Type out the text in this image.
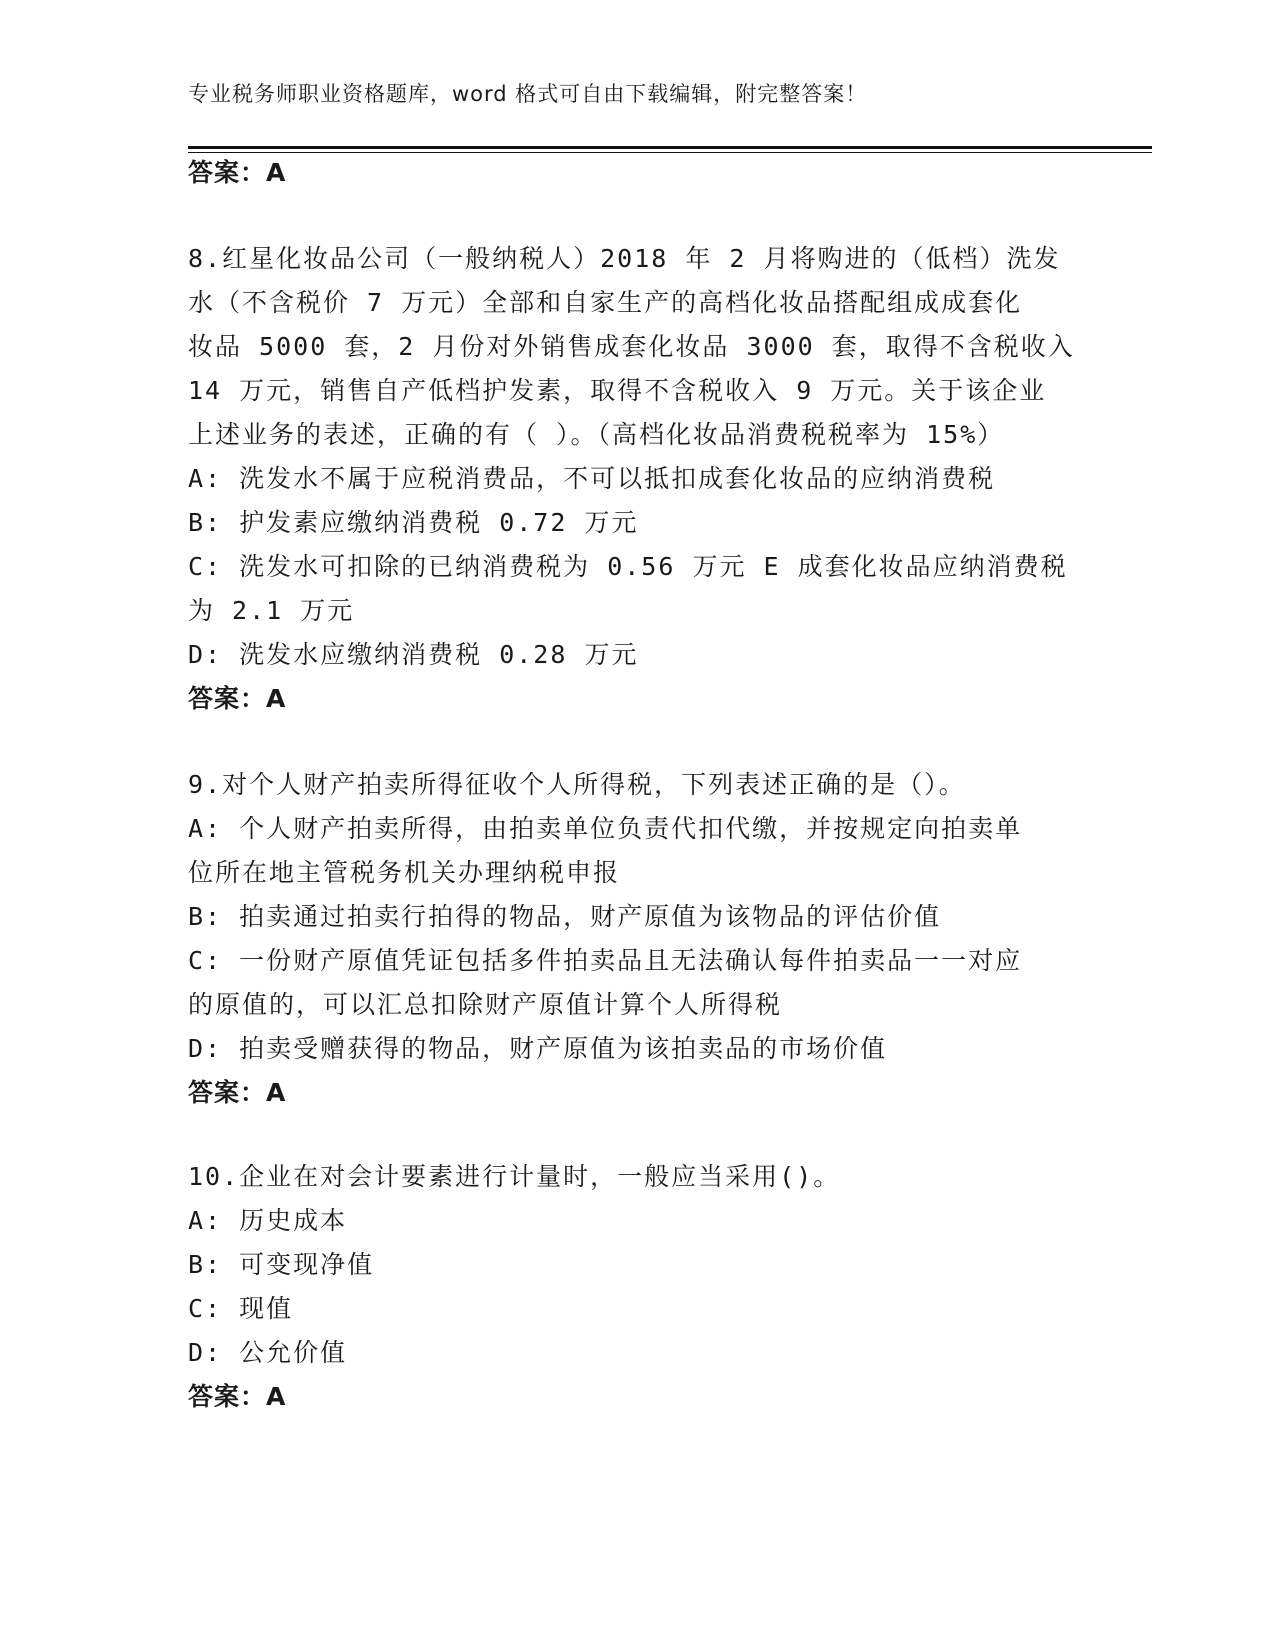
专业税务师职业资格题库，word 格式可自由下载编辑，附完整答案！
答案：A
8.红星化妆品公司（一般纳税人）2018 年 2 月将购进的（低档）洗发
水（不含税价 7 万元）全部和自家生产的高档化妆品搭配组成成套化
妆品 5000 套，2 月份对外销售成套化妆品 3000 套，取得不含税收入
14 万元，销售自产低档护发素，取得不含税收入 9 万元。关于该企业
上述业务的表述，正确的有（ ）。（高档化妆品消费税税率为 15%）
A: 洗发水不属于应税消费品，不可以抵扣成套化妆品的应纳消费税
B: 护发素应缴纳消费税 0.72 万元
C: 洗发水可扣除的已纳消费税为 0.56 万元 E 成套化妆品应纳消费税
为 2.1 万元
D: 洗发水应缴纳消费税 0.28 万元
答案：A
9.对个人财产拍卖所得征收个人所得税，下列表述正确的是（）。
A: 个人财产拍卖所得，由拍卖单位负责代扣代缴，并按规定向拍卖单
位所在地主管税务机关办理纳税申报
B: 拍卖通过拍卖行拍得的物品，财产原值为该物品的评估价值
C: 一份财产原值凭证包括多件拍卖品且无法确认每件拍卖品一一对应
的原值的，可以汇总扣除财产原值计算个人所得税
D: 拍卖受赠获得的物品，财产原值为该拍卖品的市场价值
答案：A
10.企业在对会计要素进行计量时，一般应当采用()。
A: 历史成本
B: 可变现净值
C: 现值
D: 公允价值
答案：A
